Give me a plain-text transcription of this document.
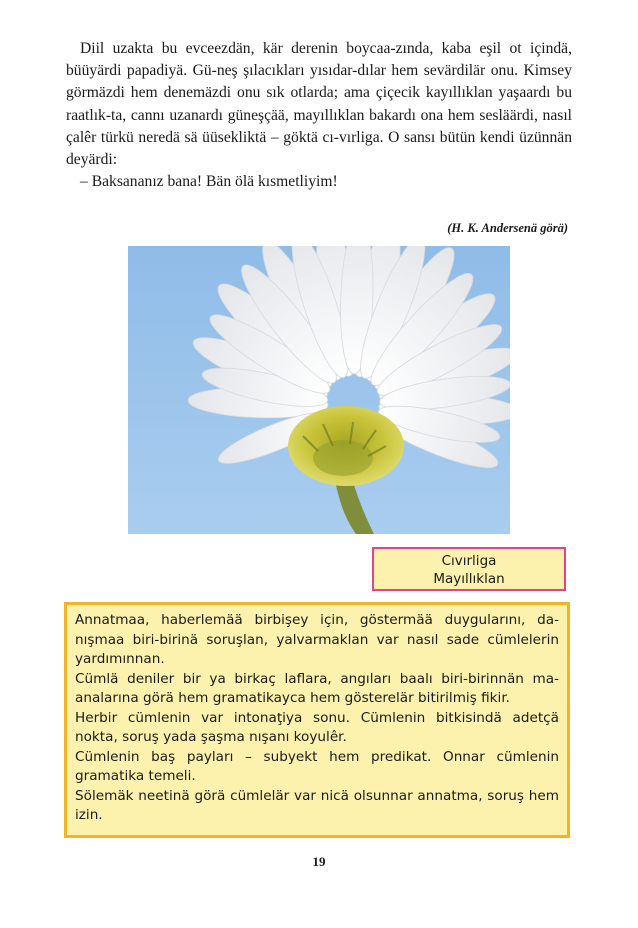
Diil uzakta bu evceezdän, kär derenin boycaa-zında, kaba eşil ot içindä, büüyärdi papadiyä. Gü-neş şılacıkları yısıdar-dılar hem sevärdilär onu. Kimsey görmäzdi hem denemäzdi onu sık otlarda; ama çiçecik kayıllıklan yaşaardı bu raatlık-ta, cannı uzanardı güneşçää, mayıllıklan bakardı ona hem sesläärdi, nasıl çalêr türkü neredä sä üüsekliktä – göktä cı-vırliga. O sansı bütün kendi üzünnän deyärdi:

– Baksananız bana! Bän ölä kısmetliyim!

(H. K. Andersenä görä)
Cıvırliga
Mayıllıklan

Annatmaa, haberlemää birbişey için, göstermää duygularını, da-nışmaa biri-birinä soruşlan, yalvarmaklan var nasıl sade cümlelerin yardımınnan.

Cümlä deniler bir ya birkaç laflara, angıları baalı biri-birinnän ma-analarına görä hem gramatikayca hem gösterelär bitirilmiş fikir.

Herbir cümlenin var intonaţiya sonu. Cümlenin bitkisindä adetçä nokta, soruş yada şaşma nışanı koyulêr.

Cümlenin baş payları – subyekt hem predikat. Onnar cümlenin gramatika temeli.

Sölemäk neetinä görä cümlelär var nicä olsunnar annatma, soruş hem izin.

19
